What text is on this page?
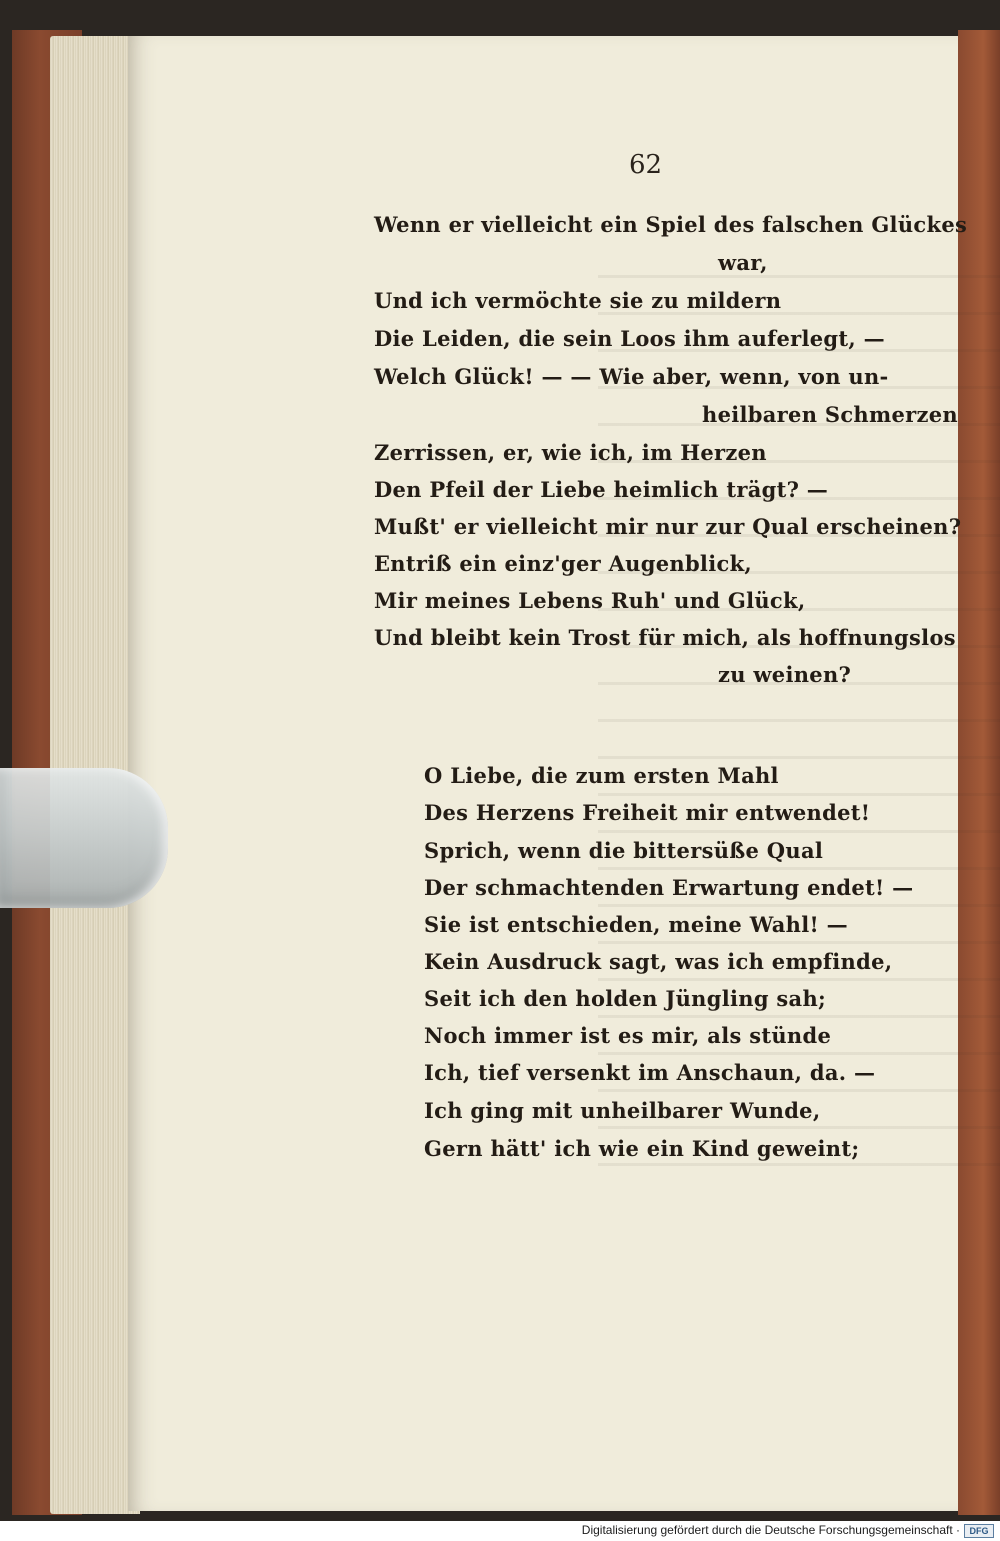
62

Wenn er vielleicht ein Spiel des falschen Glückes

war,

Und ich vermöchte sie zu mildern

Die Leiden, die sein Loos ihm auferlegt, —

Welch Glück! — — Wie aber, wenn, von un-

heilbaren Schmerzen

Zerrissen, er, wie ich, im Herzen

Den Pfeil der Liebe heimlich trägt? —

Mußt' er vielleicht mir nur zur Qual erscheinen?

Entriß ein einz'ger Augenblick,

Mir meines Lebens Ruh' und Glück,

Und bleibt kein Trost für mich, als hoffnungslos

zu weinen?

O Liebe, die zum ersten Mahl

Des Herzens Freiheit mir entwendet!

Sprich, wenn die bittersüße Qual

Der schmachtenden Erwartung endet! —

Sie ist entschieden, meine Wahl! —

Kein Ausdruck sagt, was ich empfinde,

Seit ich den holden Jüngling sah;

Noch immer ist es mir, als stünde

Ich, tief versenkt im Anschaun, da. —

Ich ging mit unheilbarer Wunde,

Gern hätt' ich wie ein Kind geweint;

Digitalisierung gefördert durch die Deutsche Forschungsgemeinschaft ·	DFG
